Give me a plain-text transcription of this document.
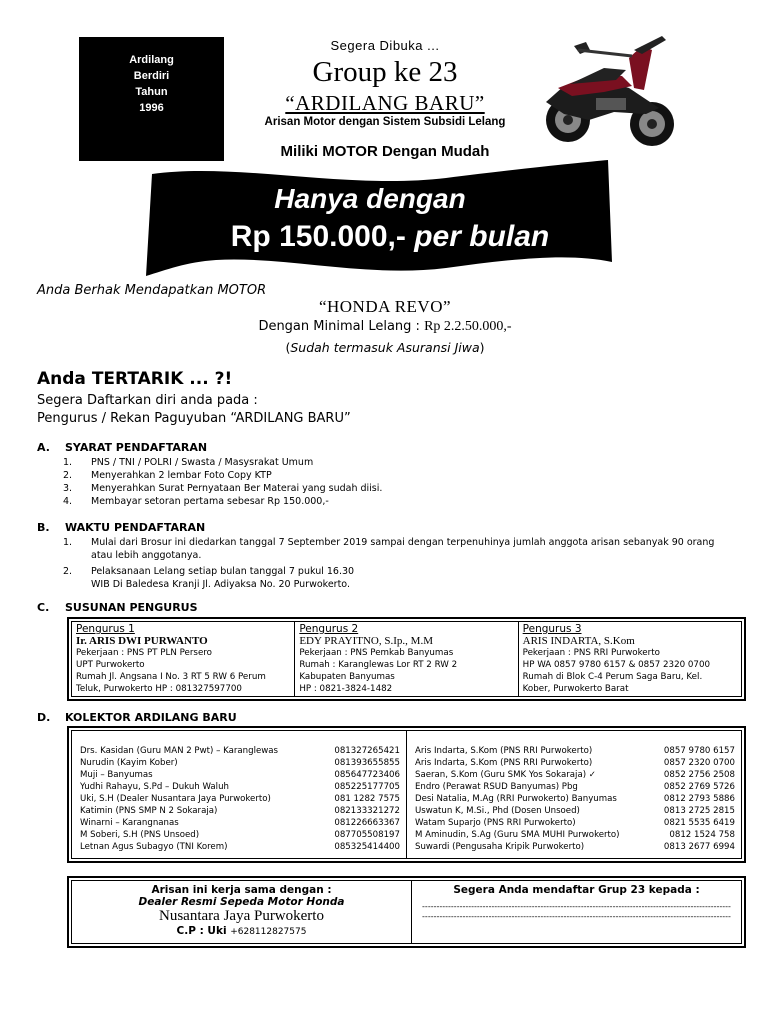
Ardilang
Berdiri
Tahun
1996
Segera Dibuka ...
Group ke 23
“ARDILANG BARU”
Arisan Motor dengan Sistem Subsidi Lelang
Miliki MOTOR Dengan Mudah
Hanya dengan
Rp 150.000,- per bulan
Anda Berhak Mendapatkan MOTOR
“HONDA REVO”
Dengan Minimal Lelang : Rp 2.2.50.000,-
(Sudah termasuk Asuransi Jiwa)
Anda TERTARIK ... ?!
Segera Daftarkan diri anda pada :
Pengurus / Rekan Paguyuban “ARDILANG BARU”
A. SYARAT PENDAFTARAN
1.	PNS / TNI / POLRI / Swasta / Masysrakat Umum
2.	Menyerahkan 2 lembar Foto Copy KTP
3.	Menyerahkan Surat Pernyataan Ber Materai yang sudah diisi.
4.	Membayar setoran pertama sebesar Rp 150.000,-
B. WAKTU PENDAFTARAN
1.	Mulai dari Brosur ini diedarkan tanggal 7 September 2019 sampai dengan terpenuhinya jumlah anggota arisan sebanyak 90 orang atau lebih anggotanya.
2.	Pelaksanaan Lelang setiap bulan tanggal 7 pukul 16.30 WIB Di Baledesa Kranji Jl. Adiyaksa No. 20 Purwokerto.
C. SUSUNAN PENGURUS
Pengurus 1
Ir. ARIS DWI PURWANTO
Pekerjaan : PNS PT PLN Persero
UPT Purwokerto
Rumah Jl. Angsana I No. 3 RT 5 RW 6 Perum
Teluk, Purwokerto HP : 081327597700
Pengurus 2
EDY PRAYITNO, S.Ip., M.M
Pekerjaan : PNS Pemkab Banyumas
Rumah : Karanglewas Lor RT 2 RW 2
Kabupaten Banyumas
HP : 0821-3824-1482
Pengurus 3
ARIS INDARTA, S.Kom
Pekerjaan : PNS RRI Purwokerto
HP WA 0857 9780 6157 & 0857 2320 0700
Rumah di Blok C-4 Perum Saga Baru, Kel.
Kober, Purwokerto Barat
D. KOLEKTOR ARDILANG BARU
Drs. Kasidan (Guru MAN 2 Pwt) – Karanglewas	081327265421
Nurudin (Kayim Kober)	081393655855
Muji – Banyumas	085647723406
Yudhi Rahayu, S.Pd – Dukuh Waluh	085225177705
Uki, S.H (Dealer Nusantara Jaya Purwokerto)	081 1282 7575
Katimin (PNS SMP N 2 Sokaraja)	082133321272
Winarni – Karangnanas	081226663367
M Soberi, S.H (PNS Unsoed)	087705508197
Letnan Agus Subagyo (TNI Korem)	085325414400
Aris Indarta, S.Kom (PNS RRI Purwokerto)	0857 9780 6157
Aris Indarta, S.Kom (PNS RRI Purwokerto)	0857 2320 0700
Saeran, S.Kom (Guru SMK Yos Sokaraja) ✓	0852 2756 2508
Endro (Perawat RSUD Banyumas) Pbg	0852 2769 5726
Desi Natalia, M.Ag (RRI Purwokerto) Banyumas	0812 2793 5886
Uswatun K, M.Si., Phd (Dosen Unsoed)	0813 2725 2815
Watam Suparjo (PNS RRI Purwokerto)	0821 5535 6419
M Aminudin, S.Ag (Guru SMA MUHI Purwokerto)	0812 1524 758
Suwardi (Pengusaha Kripik Purwokerto)	0813 2677 6994
Arisan ini kerja sama dengan :
Dealer Resmi Sepeda Motor Honda
Nusantara Jaya Purwokerto
C.P : Uki +628112827575
Segera Anda mendaftar Grup 23 kepada :
-----------------------------------------------------------------------------------------------------------
-----------------------------------------------------------------------------------------------------------
